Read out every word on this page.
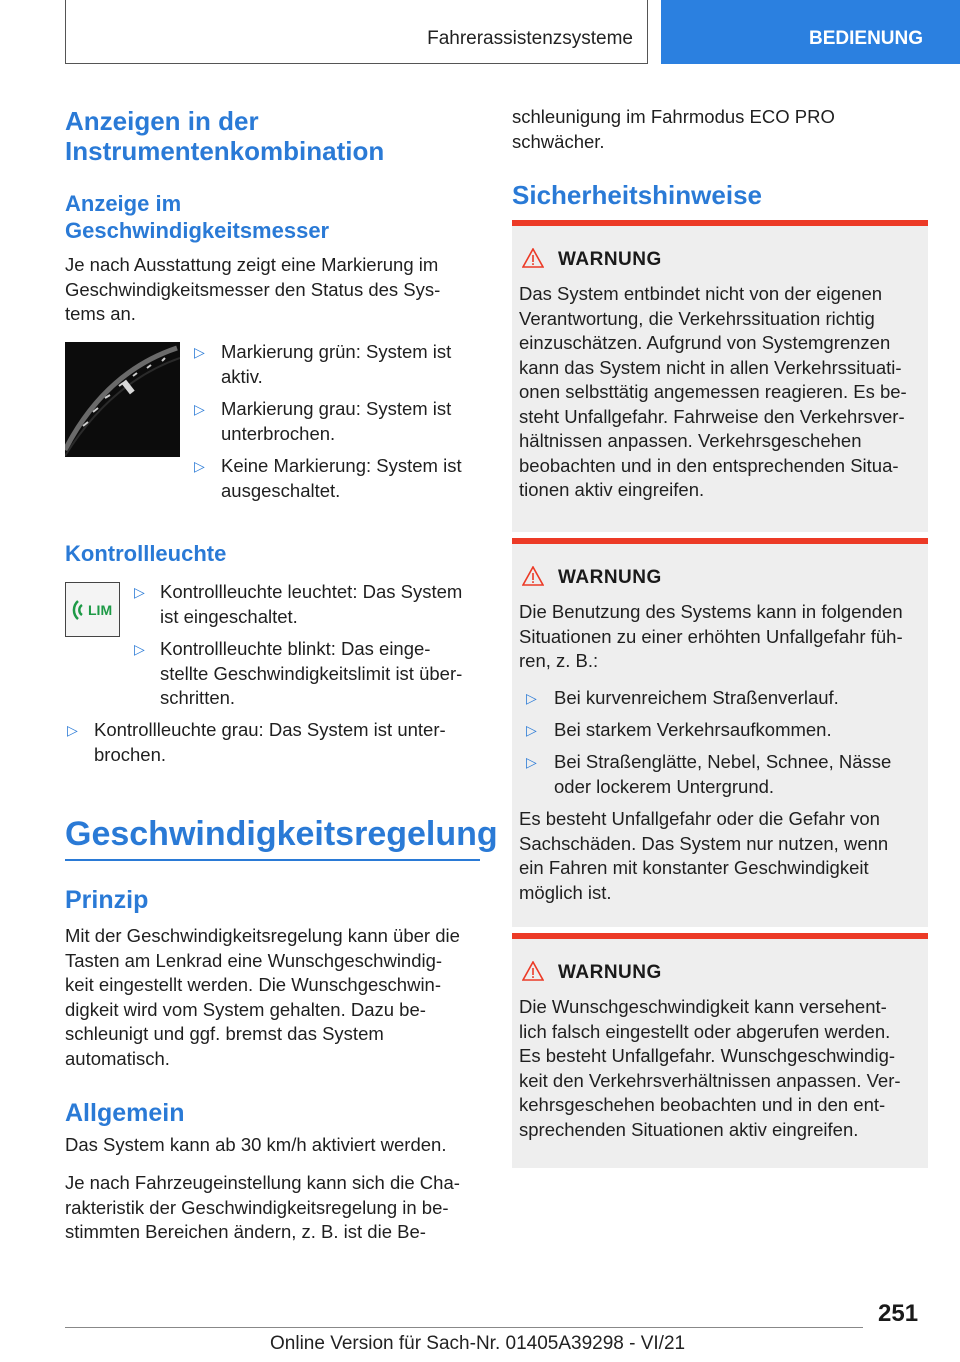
Fahrerassistenzsysteme	BEDIENUNG
Anzeigen in der
Instrumentenkombination
Anzeige im
Geschwindigkeitsmesser
Je nach Ausstattung zeigt eine Markierung im
Geschwindigkeitsmesser den Status des Sys-
tems an.
▷ Markierung grün: System ist
aktiv.
▷ Markierung grau: System ist
unterbrochen.
▷ Keine Markierung: System ist
ausgeschaltet.
Kontrollleuchte
LIM
▷ Kontrollleuchte leuchtet: Das System
ist eingeschaltet.
▷ Kontrollleuchte blinkt: Das einge-
stellte Geschwindigkeitslimit ist über-
schritten.
▷ Kontrollleuchte grau: Das System ist unter-
brochen.
Geschwindigkeitsregelung
Prinzip
Mit der Geschwindigkeitsregelung kann über die
Tasten am Lenkrad eine Wunschgeschwindig-
keit eingestellt werden. Die Wunschgeschwin-
digkeit wird vom System gehalten. Dazu be-
schleunigt und ggf. bremst das System
automatisch.
Allgemein
Das System kann ab 30 km/h aktiviert werden.
Je nach Fahrzeugeinstellung kann sich die Cha-
rakteristik der Geschwindigkeitsregelung in be-
stimmten Bereichen ändern, z. B. ist die Be-
schleunigung im Fahrmodus ECO PRO
schwächer.
Sicherheitshinweise
WARNUNG
Das System entbindet nicht von der eigenen
Verantwortung, die Verkehrssituation richtig
einzuschätzen. Aufgrund von Systemgrenzen
kann das System nicht in allen Verkehrssituati-
onen selbsttätig angemessen reagieren. Es be-
steht Unfallgefahr. Fahrweise den Verkehrsver-
hältnissen anpassen. Verkehrsgeschehen
beobachten und in den entsprechenden Situa-
tionen aktiv eingreifen.
WARNUNG
Die Benutzung des Systems kann in folgenden
Situationen zu einer erhöhten Unfallgefahr füh-
ren, z. B.:
▷ Bei kurvenreichem Straßenverlauf.
▷ Bei starkem Verkehrsaufkommen.
▷ Bei Straßenglätte, Nebel, Schnee, Nässe
oder lockerem Untergrund.
Es besteht Unfallgefahr oder die Gefahr von
Sachschäden. Das System nur nutzen, wenn
ein Fahren mit konstanter Geschwindigkeit
möglich ist.
WARNUNG
Die Wunschgeschwindigkeit kann versehent-
lich falsch eingestellt oder abgerufen werden.
Es besteht Unfallgefahr. Wunschgeschwindig-
keit den Verkehrsverhältnissen anpassen. Ver-
kehrsgeschehen beobachten und in den ent-
sprechenden Situationen aktiv eingreifen.
251
Online Version für Sach-Nr. 01405A39298 - VI/21
